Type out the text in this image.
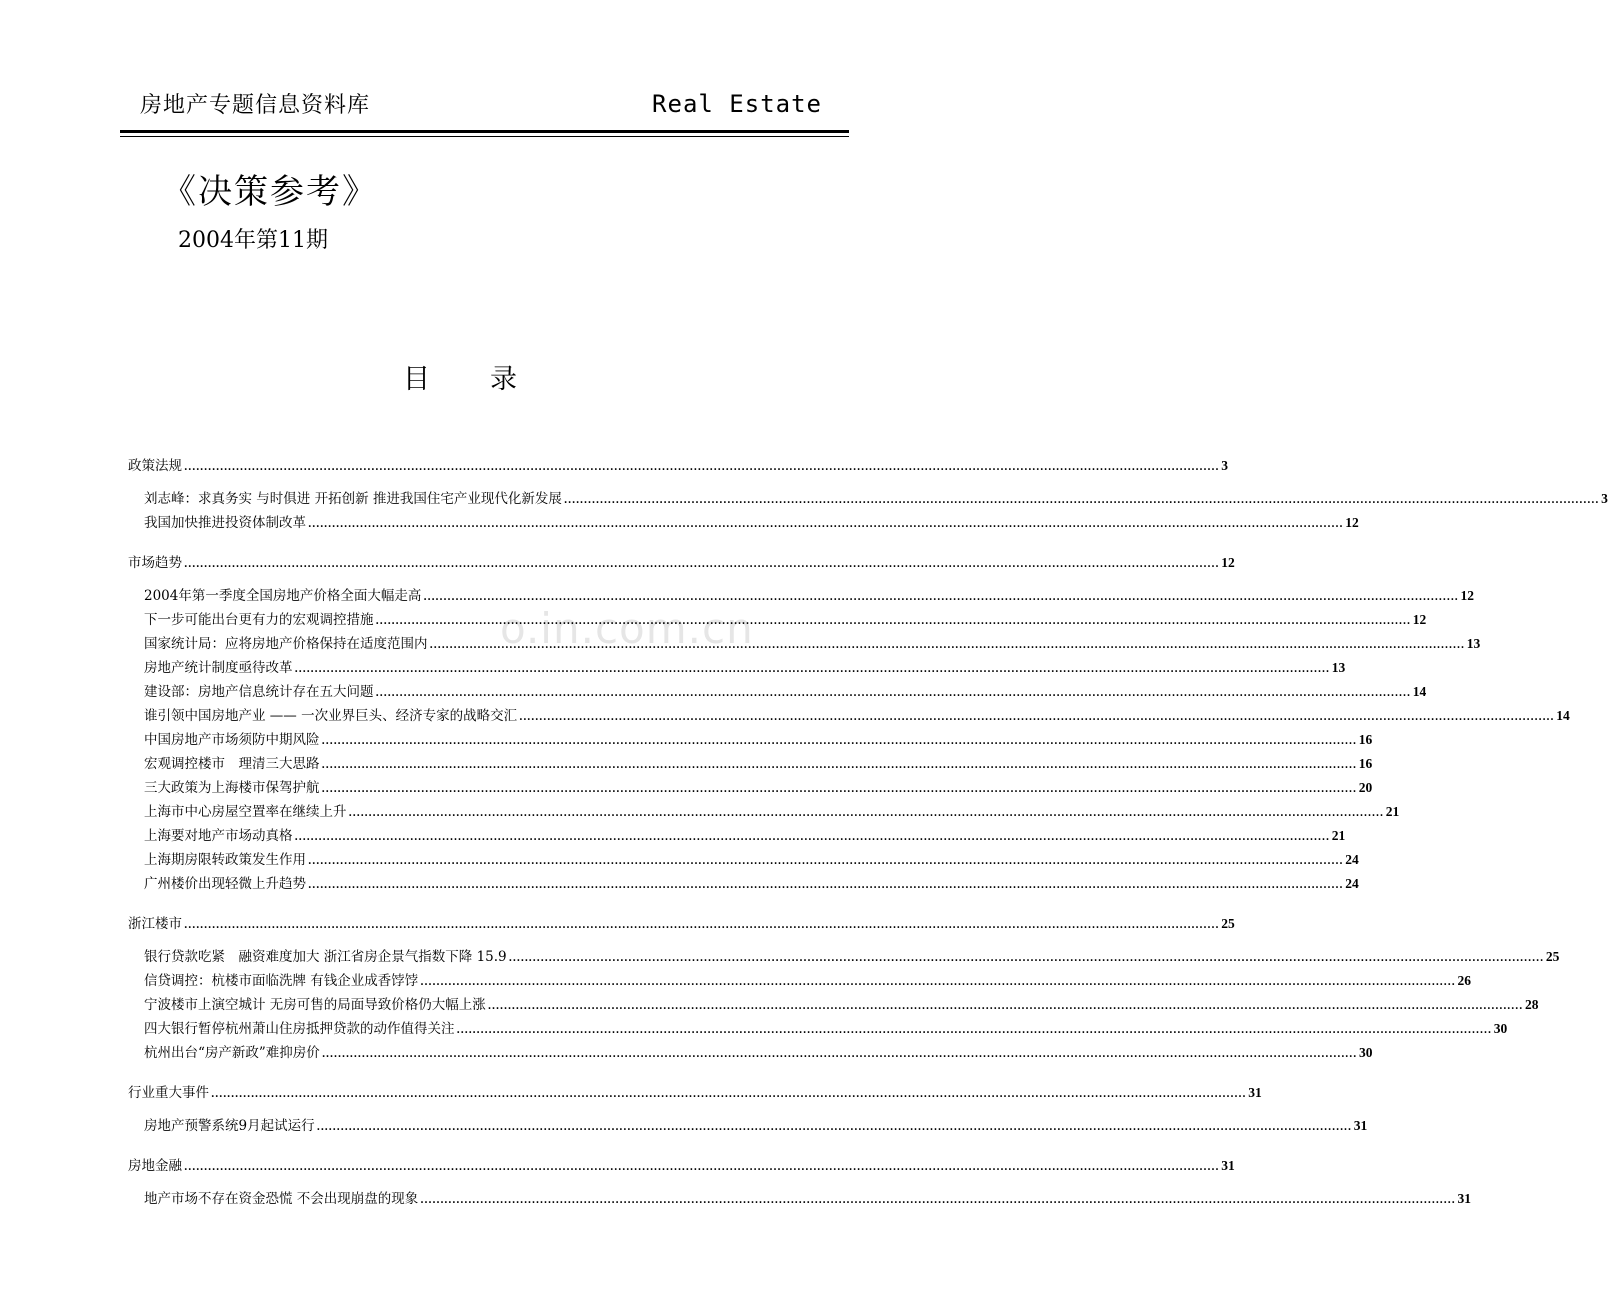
房地产专题信息资料库	Real Estate
《决策参考》
2004年第11期
目 录
o.in.com.cn
政策法规 .................................................................................................................................................................................................................................................................... 3
刘志峰：求真务实 与时俱进 开拓创新 推进我国住宅产业现代化新发展 .................................................................................................................................................................................................................................................................... 3
我国加快推进投资体制改革 .................................................................................................................................................................................................................................................................... 12
市场趋势 .................................................................................................................................................................................................................................................................... 12
2004年第一季度全国房地产价格全面大幅走高 .................................................................................................................................................................................................................................................................... 12
下一步可能出台更有力的宏观调控措施 .................................................................................................................................................................................................................................................................... 12
国家统计局：应将房地产价格保持在适度范围内 .................................................................................................................................................................................................................................................................... 13
房地产统计制度亟待改革 .................................................................................................................................................................................................................................................................... 13
建设部：房地产信息统计存在五大问题 .................................................................................................................................................................................................................................................................... 14
谁引领中国房地产业 —— 一次业界巨头、经济专家的战略交汇 .................................................................................................................................................................................................................................................................... 14
中国房地产市场须防中期风险 .................................................................................................................................................................................................................................................................... 16
宏观调控楼市　理清三大思路 .................................................................................................................................................................................................................................................................... 16
三大政策为上海楼市保驾护航 .................................................................................................................................................................................................................................................................... 20
上海市中心房屋空置率在继续上升 .................................................................................................................................................................................................................................................................... 21
上海要对地产市场动真格 .................................................................................................................................................................................................................................................................... 21
上海期房限转政策发生作用 .................................................................................................................................................................................................................................................................... 24
广州楼价出现轻微上升趋势 .................................................................................................................................................................................................................................................................... 24
浙江楼市 .................................................................................................................................................................................................................................................................... 25
银行贷款吃紧　融资难度加大 浙江省房企景气指数下降 15.9 .................................................................................................................................................................................................................................................................... 25
信贷调控：杭楼市面临洗牌 有钱企业成香饽饽 .................................................................................................................................................................................................................................................................... 26
宁波楼市上演空城计 无房可售的局面导致价格仍大幅上涨 .................................................................................................................................................................................................................................................................... 28
四大银行暂停杭州萧山住房抵押贷款的动作值得关注 .................................................................................................................................................................................................................................................................... 30
杭州出台“房产新政”难抑房价 .................................................................................................................................................................................................................................................................... 30
行业重大事件 .................................................................................................................................................................................................................................................................... 31
房地产预警系统9月起试运行 .................................................................................................................................................................................................................................................................... 31
房地金融 .................................................................................................................................................................................................................................................................... 31
地产市场不存在资金恐慌 不会出现崩盘的现象 .................................................................................................................................................................................................................................................................... 31
